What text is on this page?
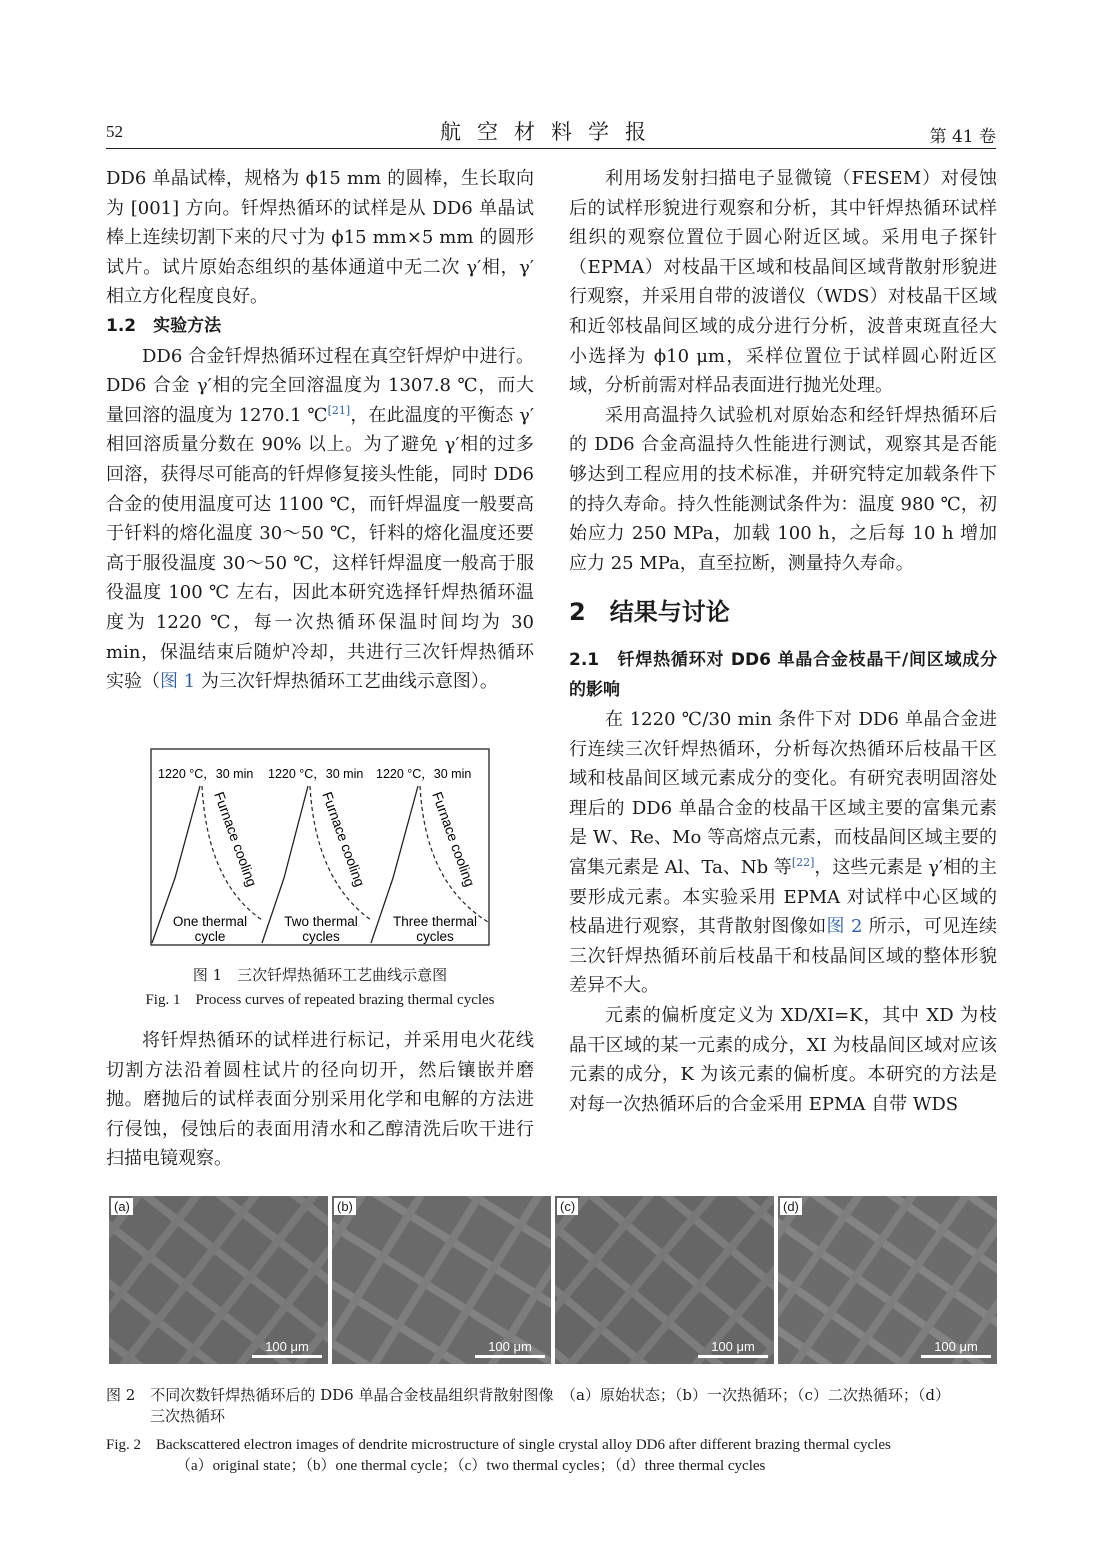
52	航空材料学报	第 41 卷

DD6 单晶试棒，规格为 ϕ15 mm 的圆棒，生长取向为 [001] 方向。钎焊热循环的试样是从 DD6 单晶试棒上连续切割下来的尺寸为 ϕ15 mm×5 mm 的圆形试片。试片原始态组织的基体通道中无二次 γ′相，γ′相立方化程度良好。

1.2　实验方法

DD6 合金钎焊热循环过程在真空钎焊炉中进行。DD6 合金 γ′相的完全回溶温度为 1307.8 ℃，而大量回溶的温度为 1270.1 ℃[21]，在此温度的平衡态 γ′相回溶质量分数在 90% 以上。为了避免 γ′相的过多回溶，获得尽可能高的钎焊修复接头性能，同时 DD6 合金的使用温度可达 1100 ℃，而钎焊温度一般要高于钎料的熔化温度 30～50 ℃，钎料的熔化温度还要高于服役温度 30～50 ℃，这样钎焊温度一般高于服役温度 100 ℃ 左右，因此本研究选择钎焊热循环温度为 1220 ℃，每一次热循环保温时间均为 30 min，保温结束后随炉冷却，共进行三次钎焊热循环实验（图 1 为三次钎焊热循环工艺曲线示意图）。

1220 °C，30 min 1220 °C，30 min 1220 °C，30 min
Furnace cooling	Furnace cooling	Furnace cooling
One thermal
cycle
Two thermal
cycles
Three thermal
cycles
图 1　三次钎焊热循环工艺曲线示意图
Fig. 1　Process curves of repeated brazing thermal cycles

将钎焊热循环的试样进行标记，并采用电火花线切割方法沿着圆柱试片的径向切开，然后镶嵌并磨抛。磨抛后的试样表面分别采用化学和电解的方法进行侵蚀，侵蚀后的表面用清水和乙醇清洗后吹干进行扫描电镜观察。

利用场发射扫描电子显微镜（FESEM）对侵蚀后的试样形貌进行观察和分析，其中钎焊热循环试样组织的观察位置位于圆心附近区域。采用电子探针（EPMA）对枝晶干区域和枝晶间区域背散射形貌进行观察，并采用自带的波谱仪（WDS）对枝晶干区域和近邻枝晶间区域的成分进行分析，波普束斑直径大小选择为 ϕ10 μm，采样位置位于试样圆心附近区域，分析前需对样品表面进行抛光处理。

采用高温持久试验机对原始态和经钎焊热循环后的 DD6 合金高温持久性能进行测试，观察其是否能够达到工程应用的技术标准，并研究特定加载条件下的持久寿命。持久性能测试条件为：温度 980 ℃，初始应力 250 MPa，加载 100 h，之后每 10 h 增加应力 25 MPa，直至拉断，测量持久寿命。

2　结果与讨论

2.1　钎焊热循环对 DD6 单晶合金枝晶干/间区域成分的影响

在 1220 ℃/30 min 条件下对 DD6 单晶合金进行连续三次钎焊热循环，分析每次热循环后枝晶干区域和枝晶间区域元素成分的变化。有研究表明固溶处理后的 DD6 单晶合金的枝晶干区域主要的富集元素是 W、Re、Mo 等高熔点元素，而枝晶间区域主要的富集元素是 Al、Ta、Nb 等[22]，这些元素是 γ′相的主要形成元素。本实验采用 EPMA 对试样中心区域的枝晶进行观察，其背散射图像如图 2 所示，可见连续三次钎焊热循环前后枝晶干和枝晶间区域的整体形貌差异不大。

元素的偏析度定义为 XD/XI=K，其中 XD 为枝晶干区域的某一元素的成分，XI 为枝晶间区域对应该元素的成分，K 为该元素的偏析度。本研究的方法是对每一次热循环后的合金采用 EPMA 自带 WDS

(a)
100 μm
(b)
100 μm
(c)
100 μm
(d)
100 μm
图 2　不同次数钎焊热循环后的 DD6 单晶合金枝晶组织背散射图像　（a）原始状态；（b）一次热循环；（c）二次热循环；（d）
三次热循环
Fig. 2　Backscattered electron images of dendrite microstructure of single crystal alloy DD6 after different brazing thermal cycles
（a）original state；（b）one thermal cycle；（c）two thermal cycles；（d）three thermal cycles
